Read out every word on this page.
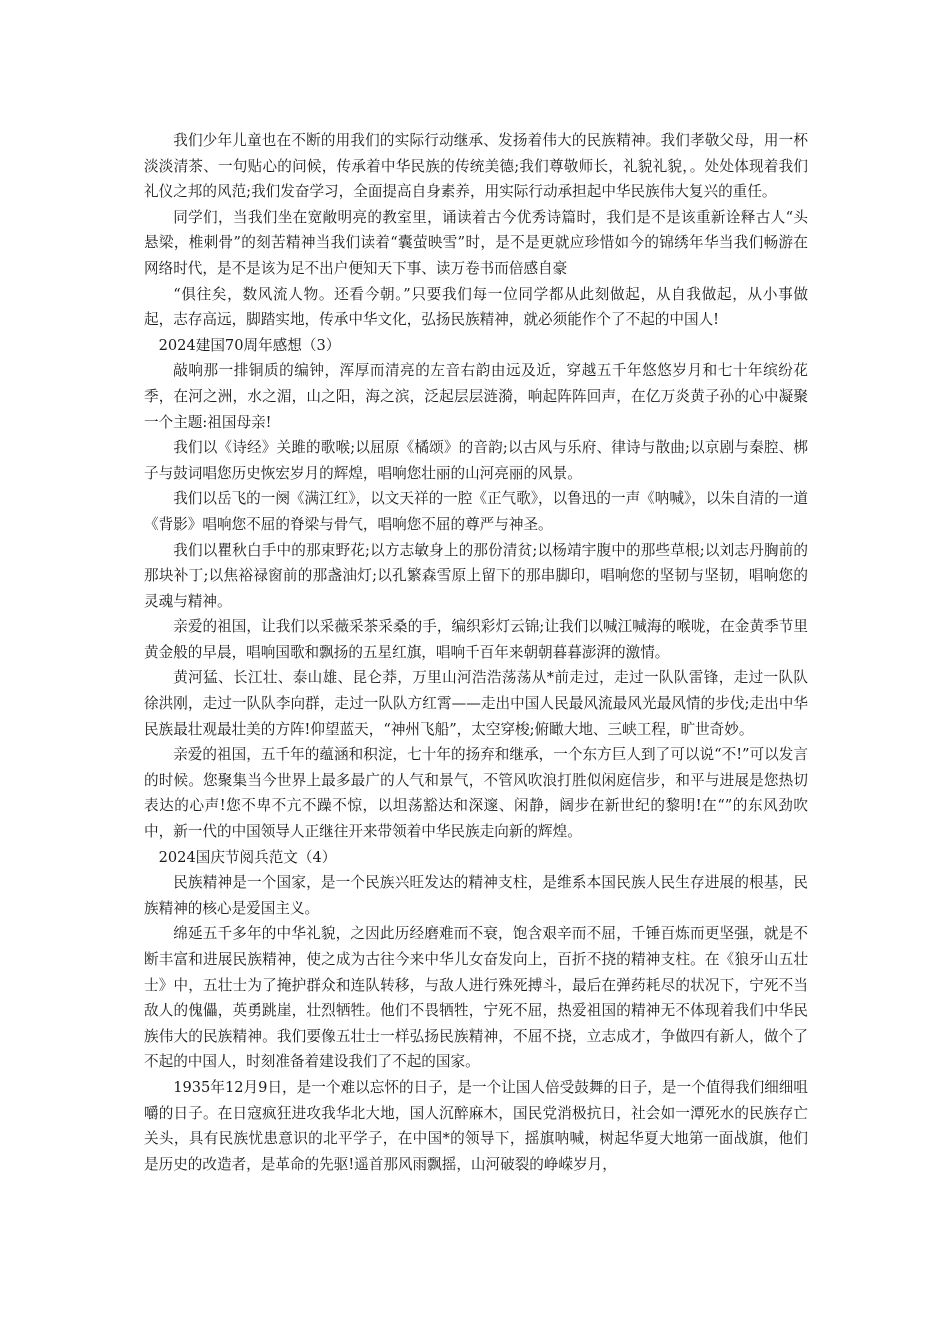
我们少年儿童也在不断的用我们的实际行动继承、发扬着伟大的民族精神。我们孝敬父母，用一杯淡淡清茶、一句贴心的问候，传承着中华民族的传统美德;我们尊敬师长，礼貌礼貌，。处处体现着我们礼仪之邦的风范;我们发奋学习，全面提高自身素养，用实际行动承担起中华民族伟大复兴的重任。

同学们，当我们坐在宽敞明亮的教室里，诵读着古今优秀诗篇时，我们是不是该重新诠释古人“头悬梁，椎刺骨”的刻苦精神当我们读着“囊萤映雪”时，是不是更就应珍惜如今的锦绣年华当我们畅游在网络时代，是不是该为足不出户便知天下事、读万卷书而倍感自豪

“俱往矣，数风流人物。还看今朝。”只要我们每一位同学都从此刻做起，从自我做起，从小事做起，志存高远，脚踏实地，传承中华文化，弘扬民族精神，就必须能作个了不起的中国人!

2024建国70周年感想（3）

敲响那一排铜质的编钟，浑厚而清亮的左音右韵由远及近，穿越五千年悠悠岁月和七十年缤纷花季，在河之洲，水之湄，山之阳，海之滨，泛起层层涟漪，响起阵阵回声，在亿万炎黄子孙的心中凝聚一个主题:祖国母亲!

我们以《诗经》关雎的歌喉;以屈原《橘颂》的音韵;以古风与乐府、律诗与散曲;以京剧与秦腔、梆子与鼓词唱您历史恢宏岁月的辉煌，唱响您壮丽的山河亮丽的风景。

我们以岳飞的一阕《满江红》，以文天祥的一腔《正气歌》，以鲁迅的一声《呐喊》，以朱自清的一道《背影》唱响您不屈的脊梁与骨气，唱响您不屈的尊严与神圣。

我们以瞿秋白手中的那束野花;以方志敏身上的那份清贫;以杨靖宇腹中的那些草根;以刘志丹胸前的那块补丁;以焦裕禄窗前的那盏油灯;以孔繁森雪原上留下的那串脚印，唱响您的坚韧与坚韧，唱响您的灵魂与精神。

亲爱的祖国，让我们以采薇采茶采桑的手，编织彩灯云锦;让我们以喊江喊海的喉咙，在金黄季节里黄金般的早晨，唱响国歌和飘扬的五星红旗，唱响千百年来朝朝暮暮澎湃的激情。

黄河猛、长江壮、泰山雄、昆仑莽，万里山河浩浩荡荡从*前走过，走过一队队雷锋，走过一队队徐洪刚，走过一队队李向群，走过一队队方红霄——走出中国人民最风流最风光最风情的步伐;走出中华民族最壮观最壮美的方阵!仰望蓝天，“神州飞船”，太空穿梭;俯瞰大地、三峡工程，旷世奇妙。

亲爱的祖国，五千年的蕴涵和积淀，七十年的扬弃和继承，一个东方巨人到了可以说“不!”可以发言的时候。您聚集当今世界上最多最广的人气和景气，不管风吹浪打胜似闲庭信步，和平与进展是您热切表达的心声!您不卑不亢不躁不惊，以坦荡豁达和深邃、闲静，阔步在新世纪的黎明!在“”的东风劲吹中，新一代的中国领导人正继往开来带领着中华民族走向新的辉煌。

2024国庆节阅兵范文（4）

民族精神是一个国家，是一个民族兴旺发达的精神支柱，是维系本国民族人民生存进展的根基，民族精神的核心是爱国主义。

绵延五千多年的中华礼貌，之因此历经磨难而不衰，饱含艰辛而不屈，千锤百炼而更坚强，就是不断丰富和进展民族精神，使之成为古往今来中华儿女奋发向上，百折不挠的精神支柱。在《狼牙山五壮士》中，五壮士为了掩护群众和连队转移，与敌人进行殊死搏斗，最后在弹药耗尽的状况下，宁死不当敌人的傀儡，英勇跳崖，壮烈牺牲。他们不畏牺牲，宁死不屈，热爱祖国的精神无不体现着我们中华民族伟大的民族精神。我们要像五壮士一样弘扬民族精神，不屈不挠，立志成才，争做四有新人，做个了不起的中国人，时刻准备着建设我们了不起的国家。

1935年12月9日，是一个难以忘怀的日子，是一个让国人倍受鼓舞的日子，是一个值得我们细细咀嚼的日子。在日寇疯狂进攻我华北大地，国人沉醉麻木，国民党消极抗日，社会如一潭死水的民族存亡关头，具有民族忧患意识的北平学子，在中国*的领导下，摇旗呐喊，树起华夏大地第一面战旗，他们是历史的改造者，是革命的先驱!遥首那风雨飘摇，山河破裂的峥嵘岁月，
